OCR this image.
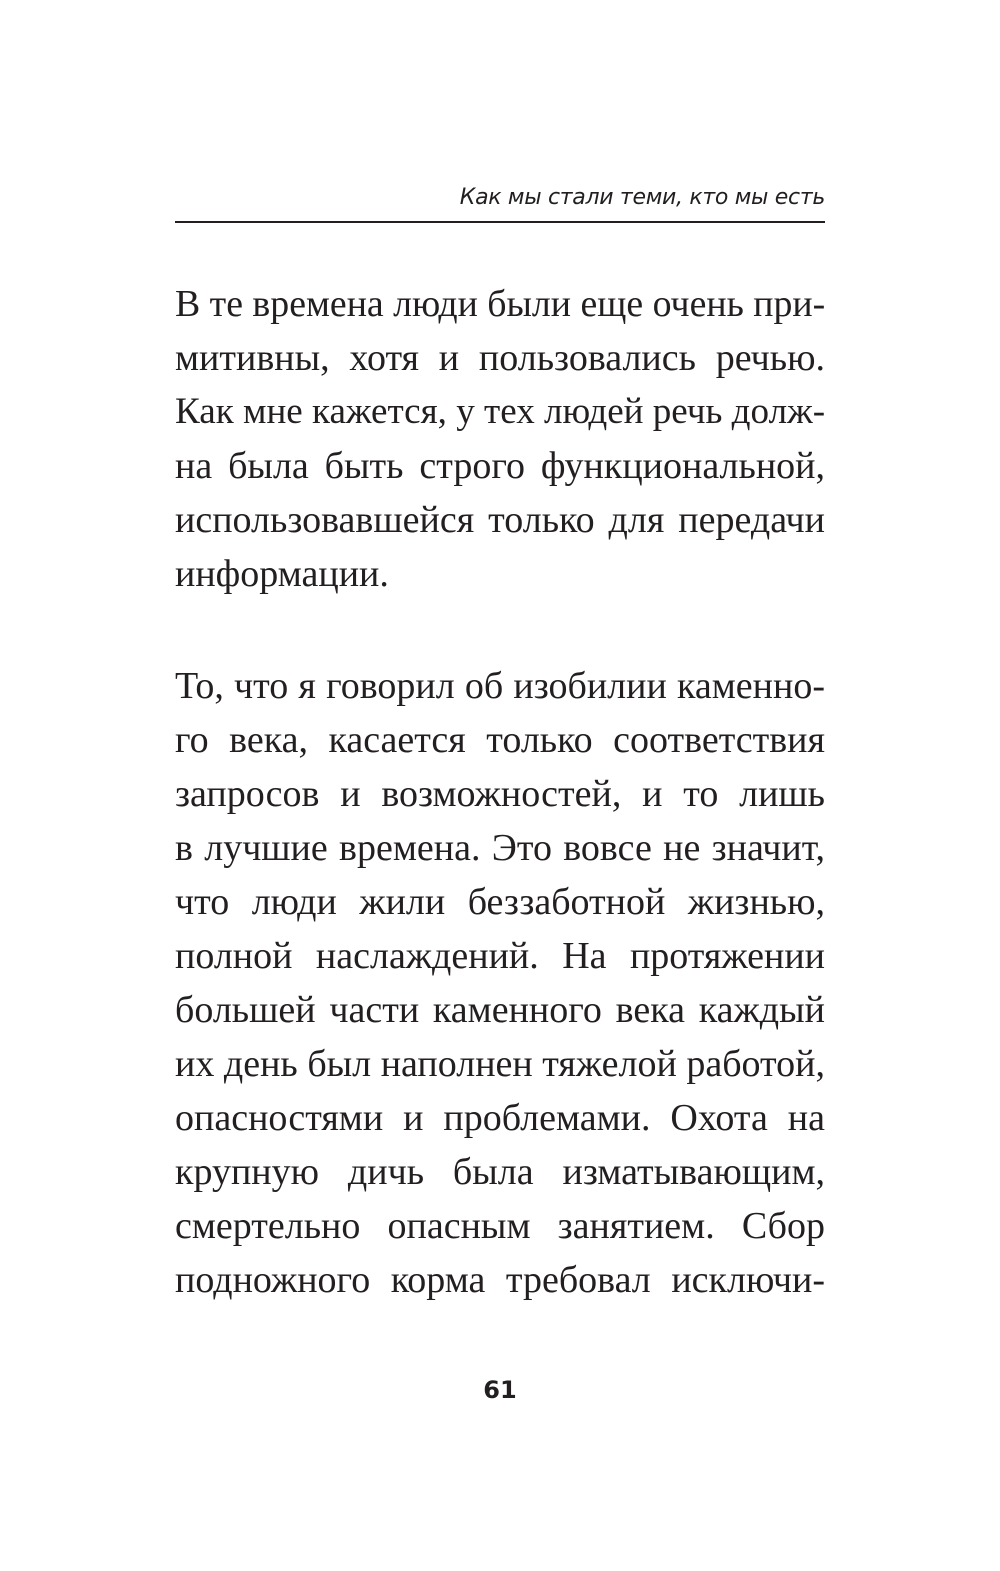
Как мы стали теми, кто мы есть
В те времена люди были еще очень при-
митивны, хотя и пользовались речью.
Как мне кажется, у тех людей речь долж-
на была быть строго функциональной,
использовавшейся только для передачи
информации.
То, что я говорил об изобилии каменно-
го века, касается только соответствия
запросов и возможностей, и то лишь
в лучшие времена. Это вовсе не значит,
что люди жили беззаботной жизнью,
полной наслаждений. На протяжении
большей части каменного века каждый
их день был наполнен тяжелой работой,
опасностями и проблемами. Охота на
крупную дичь была изматывающим,
смертельно опасным занятием. Сбор
подножного корма требовал исключи-
61
